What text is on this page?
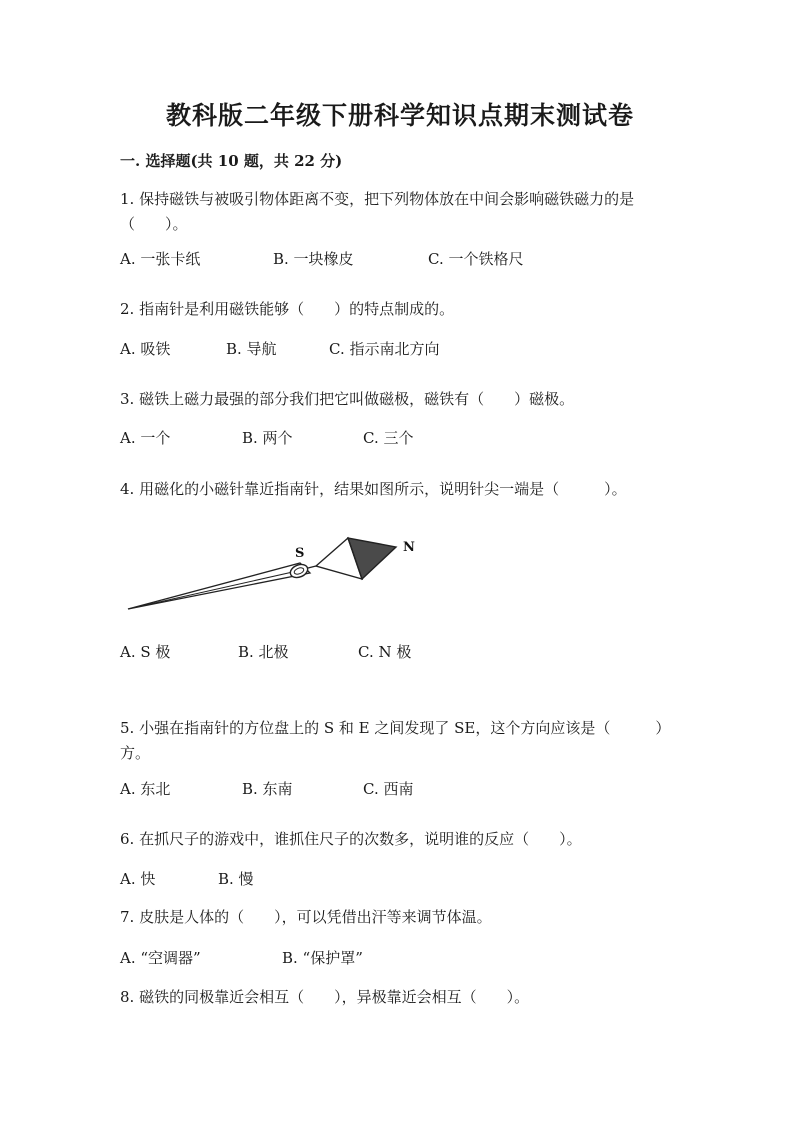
教科版二年级下册科学知识点期末测试卷
一. 选择题(共 10 题，共 22 分)
1. 保持磁铁与被吸引物体距离不变，把下列物体放在中间会影响磁铁磁力的是（　　）。
A. 一张卡纸	B. 一块橡皮	C. 一个铁格尺
2. 指南针是利用磁铁能够（　　）的特点制成的。
A. 吸铁	B. 导航	C. 指示南北方向
3. 磁铁上磁力最强的部分我们把它叫做磁极，磁铁有（　　）磁极。
A. 一个	B. 两个	C. 三个
4. 用磁化的小磁针靠近指南针，结果如图所示，说明针尖一端是（　　　）。
S	N
A. S 极	B. 北极	C. N 极
5. 小强在指南针的方位盘上的 S 和 E 之间发现了 SE，这个方向应该是（　　　）方。
A. 东北	B. 东南	C. 西南
6. 在抓尺子的游戏中，谁抓住尺子的次数多，说明谁的反应（　　）。
A. 快	B. 慢
7. 皮肤是人体的（　　），可以凭借出汗等来调节体温。
A. “空调器”	B. “保护罩”
8. 磁铁的同极靠近会相互（　　），异极靠近会相互（　　）。
